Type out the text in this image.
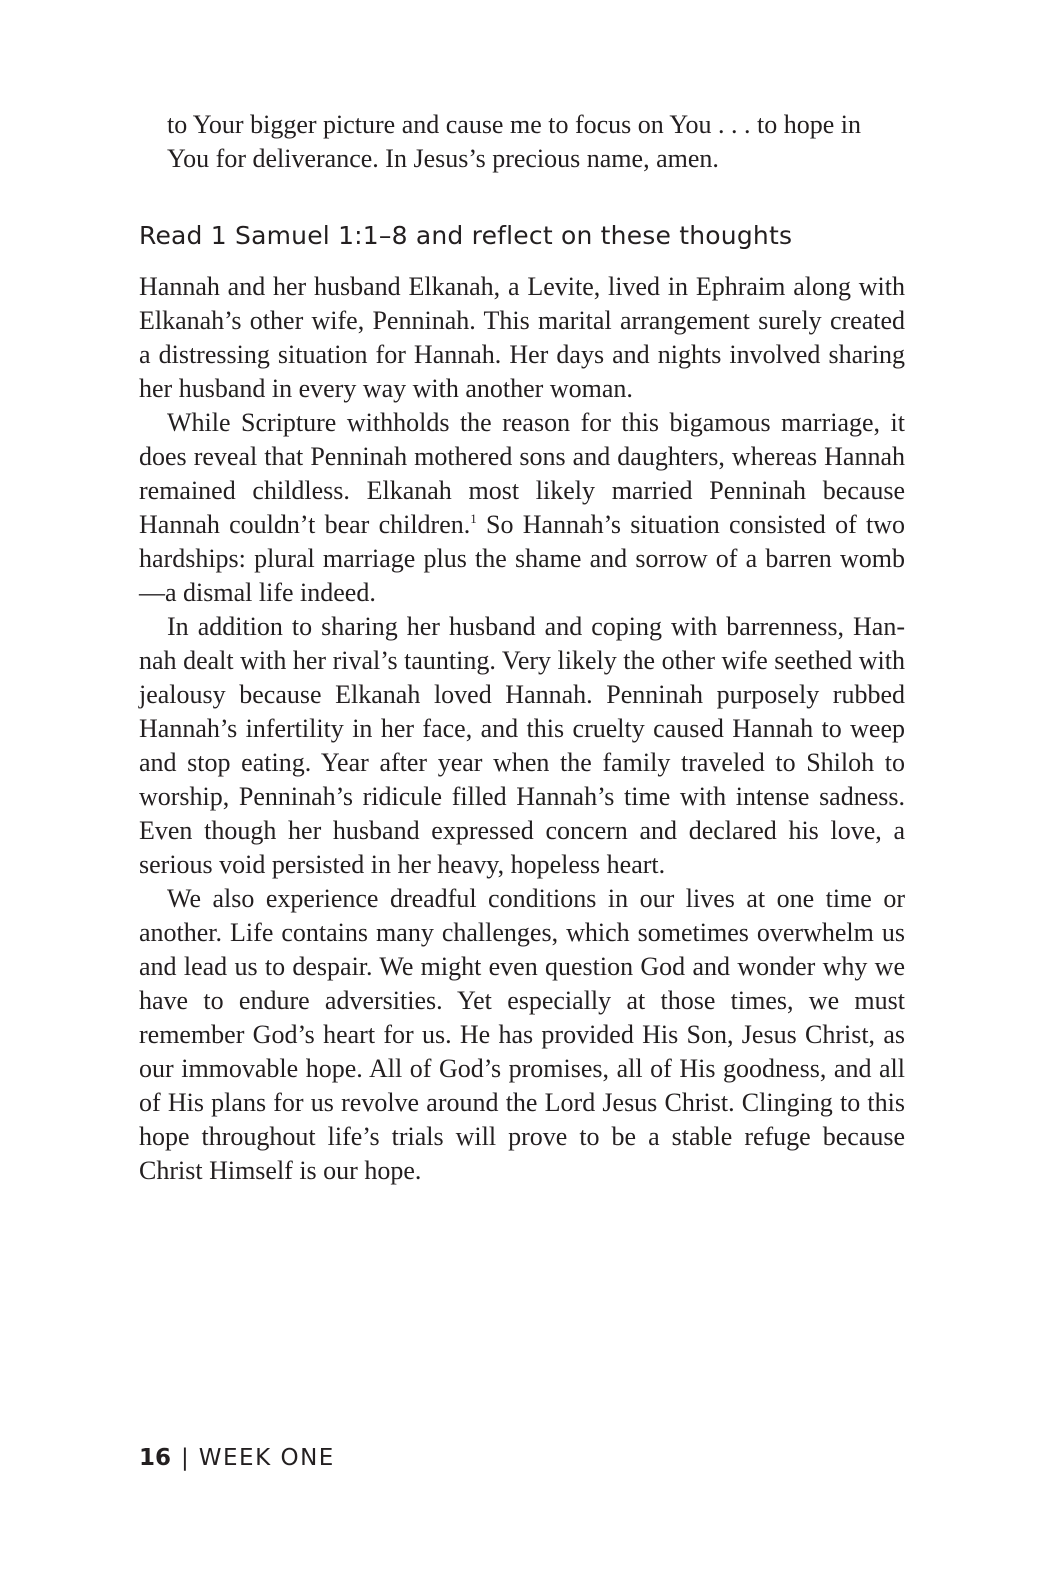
to Your bigger picture and cause me to focus on You . . . to hope in You for deliverance. In Jesus’s precious name, amen.

Read 1 Samuel 1:1–8 and reflect on these thoughts

Hannah and her husband Elkanah, a Levite, lived in Ephraim along with Elkanah’s other wife, Penninah. This marital arrangement surely created a distressing situation for Hannah. Her days and nights involved sharing her husband in every way with another woman.

While Scripture withholds the reason for this bigamous marriage, it does reveal that Penninah mothered sons and daughters, whereas Hannah remained childless. Elkanah most likely married Penninah because Hannah couldn’t bear children.$^1$ So Hannah’s situation consisted of two hardships: plural marriage plus the shame and sorrow of a barren womb—a dismal life indeed.

In addition to sharing her husband and coping with barrenness, Hannah dealt with her rival’s taunting. Very likely the other wife seethed with jealousy because Elkanah loved Hannah. Penninah purposely rubbed Hannah’s infertility in her face, and this cruelty caused Hannah to weep and stop eating. Year after year when the family traveled to Shiloh to worship, Penninah’s ridicule filled Hannah’s time with intense sadness. Even though her husband expressed concern and declared his love, a serious void persisted in her heavy, hopeless heart.

We also experience dreadful conditions in our lives at one time or another. Life contains many challenges, which sometimes overwhelm us and lead us to despair. We might even question God and wonder why we have to endure adversities. Yet especially at those times, we must remember God’s heart for us. He has provided His Son, Jesus Christ, as our immovable hope. All of God’s promises, all of His goodness, and all of His plans for us revolve around the Lord Jesus Christ. Clinging to this hope throughout life’s trials will prove to be a stable refuge because Christ Himself is our hope.

16 | WEEK ONE
